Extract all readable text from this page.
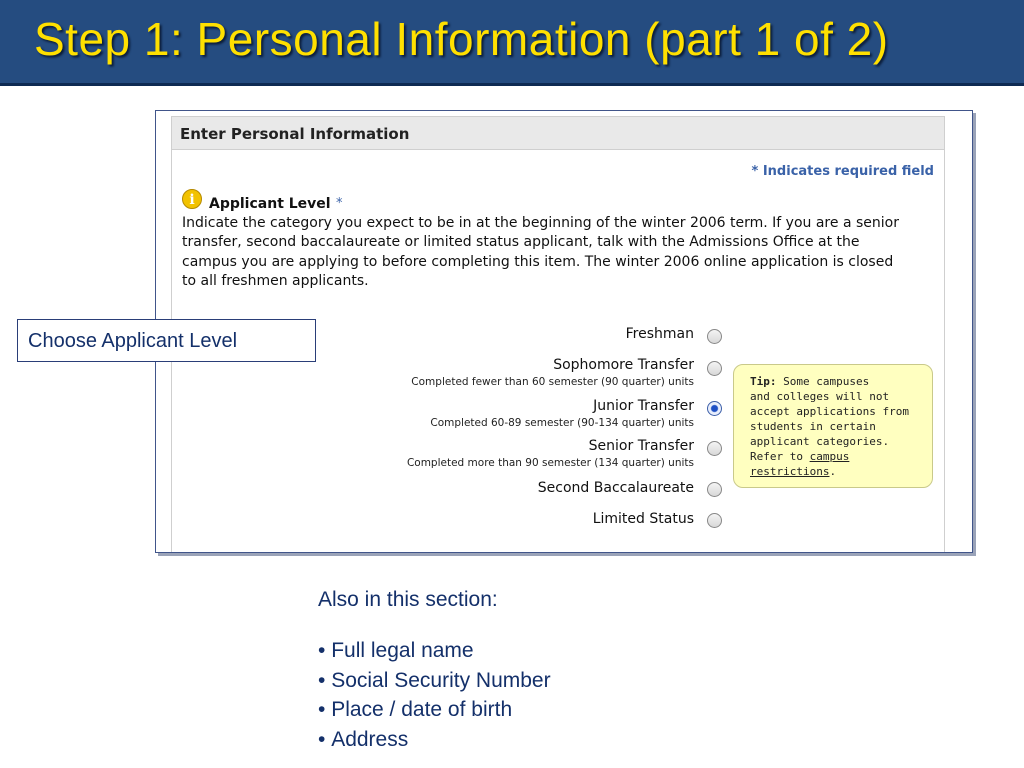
Step 1: Personal Information (part 1 of 2)
Enter Personal Information
* Indicates required field
i	Applicant Level *
Indicate the category you expect to be in at the beginning of the winter 2006 term. If you are a senior
transfer, second baccalaureate or limited status applicant, talk with the Admissions Office at the
campus you are applying to before completing this item. The winter 2006 online application is closed
to all freshmen applicants.
Freshman
Sophomore Transfer
Completed fewer than 60 semester (90 quarter) units
Junior Transfer
Completed 60-89 semester (90-134 quarter) units
Senior Transfer
Completed more than 90 semester (134 quarter) units
Second Baccalaureate
Limited Status
Tip: Some campuses
and colleges will not
accept applications from
students in certain
applicant categories.
Refer to campus
restrictions.
Choose Applicant Level
Also in this section:
• Full legal name
• Social Security Number
• Place / date of birth
• Address
